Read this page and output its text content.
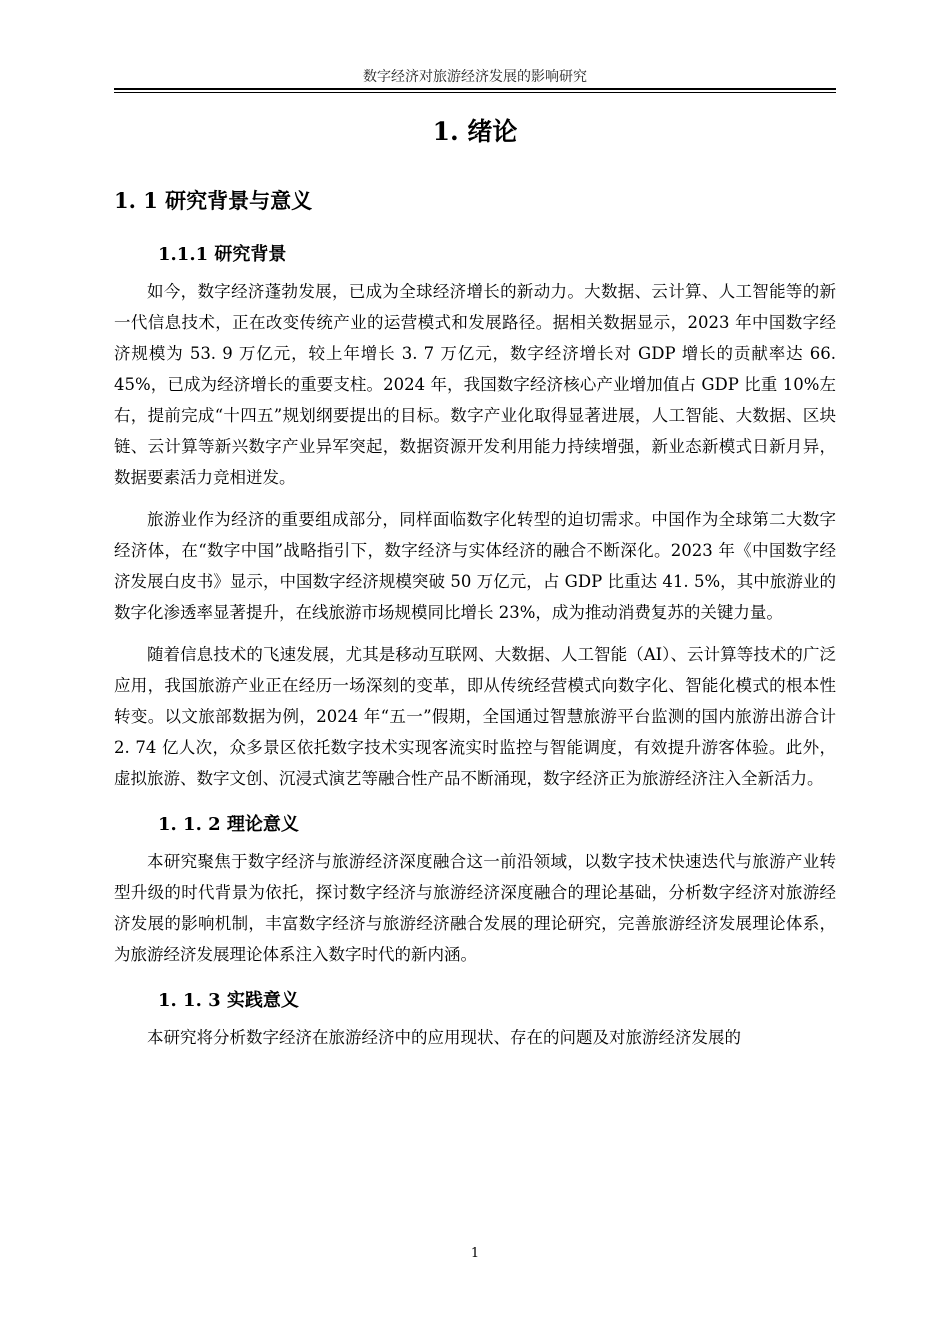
数字经济对旅游经济发展的影响研究
1. 绪论
1. 1 研究背景与意义
1.1.1 研究背景

如今，数字经济蓬勃发展，已成为全球经济增长的新动力。大数据、云计算、人工智能等的新一代信息技术，正在改变传统产业的运营模式和发展路径。据相关数据显示，2023 年中国数字经济规模为 53. 9 万亿元，较上年增长 3. 7 万亿元，数字经济增长对 GDP 增长的贡献率达 66. 45%，已成为经济增长的重要支柱。2024 年，我国数字经济核心产业增加值占 GDP 比重 10%左右，提前完成“十四五”规划纲要提出的目标。数字产业化取得显著进展，人工智能、大数据、区块链、云计算等新兴数字产业异军突起，数据资源开发利用能力持续增强，新业态新模式日新月异，数据要素活力竞相迸发。

旅游业作为经济的重要组成部分，同样面临数字化转型的迫切需求。中国作为全球第二大数字经济体，在“数字中国”战略指引下，数字经济与实体经济的融合不断深化。2023 年《中国数字经济发展白皮书》显示，中国数字经济规模突破 50 万亿元，占 GDP 比重达 41. 5%，其中旅游业的数字化渗透率显著提升，在线旅游市场规模同比增长 23%，成为推动消费复苏的关键力量。

随着信息技术的飞速发展，尤其是移动互联网、大数据、人工智能（AI）、云计算等技术的广泛应用，我国旅游产业正在经历一场深刻的变革，即从传统经营模式向数字化、智能化模式的根本性转变。以文旅部数据为例，2024 年“五一”假期，全国通过智慧旅游平台监测的国内旅游出游合计 2. 74 亿人次，众多景区依托数字技术实现客流实时监控与智能调度，有效提升游客体验。此外，虚拟旅游、数字文创、沉浸式演艺等融合性产品不断涌现，数字经济正为旅游经济注入全新活力。

1. 1. 2 理论意义

本研究聚焦于数字经济与旅游经济深度融合这一前沿领域，以数字技术快速迭代与旅游产业转型升级的时代背景为依托，探讨数字经济与旅游经济深度融合的理论基础，分析数字经济对旅游经济发展的影响机制，丰富数字经济与旅游经济融合发展的理论研究，完善旅游经济发展理论体系，为旅游经济发展理论体系注入数字时代的新内涵。

1. 1. 3 实践意义

本研究将分析数字经济在旅游经济中的应用现状、存在的问题及对旅游经济发展的

1
